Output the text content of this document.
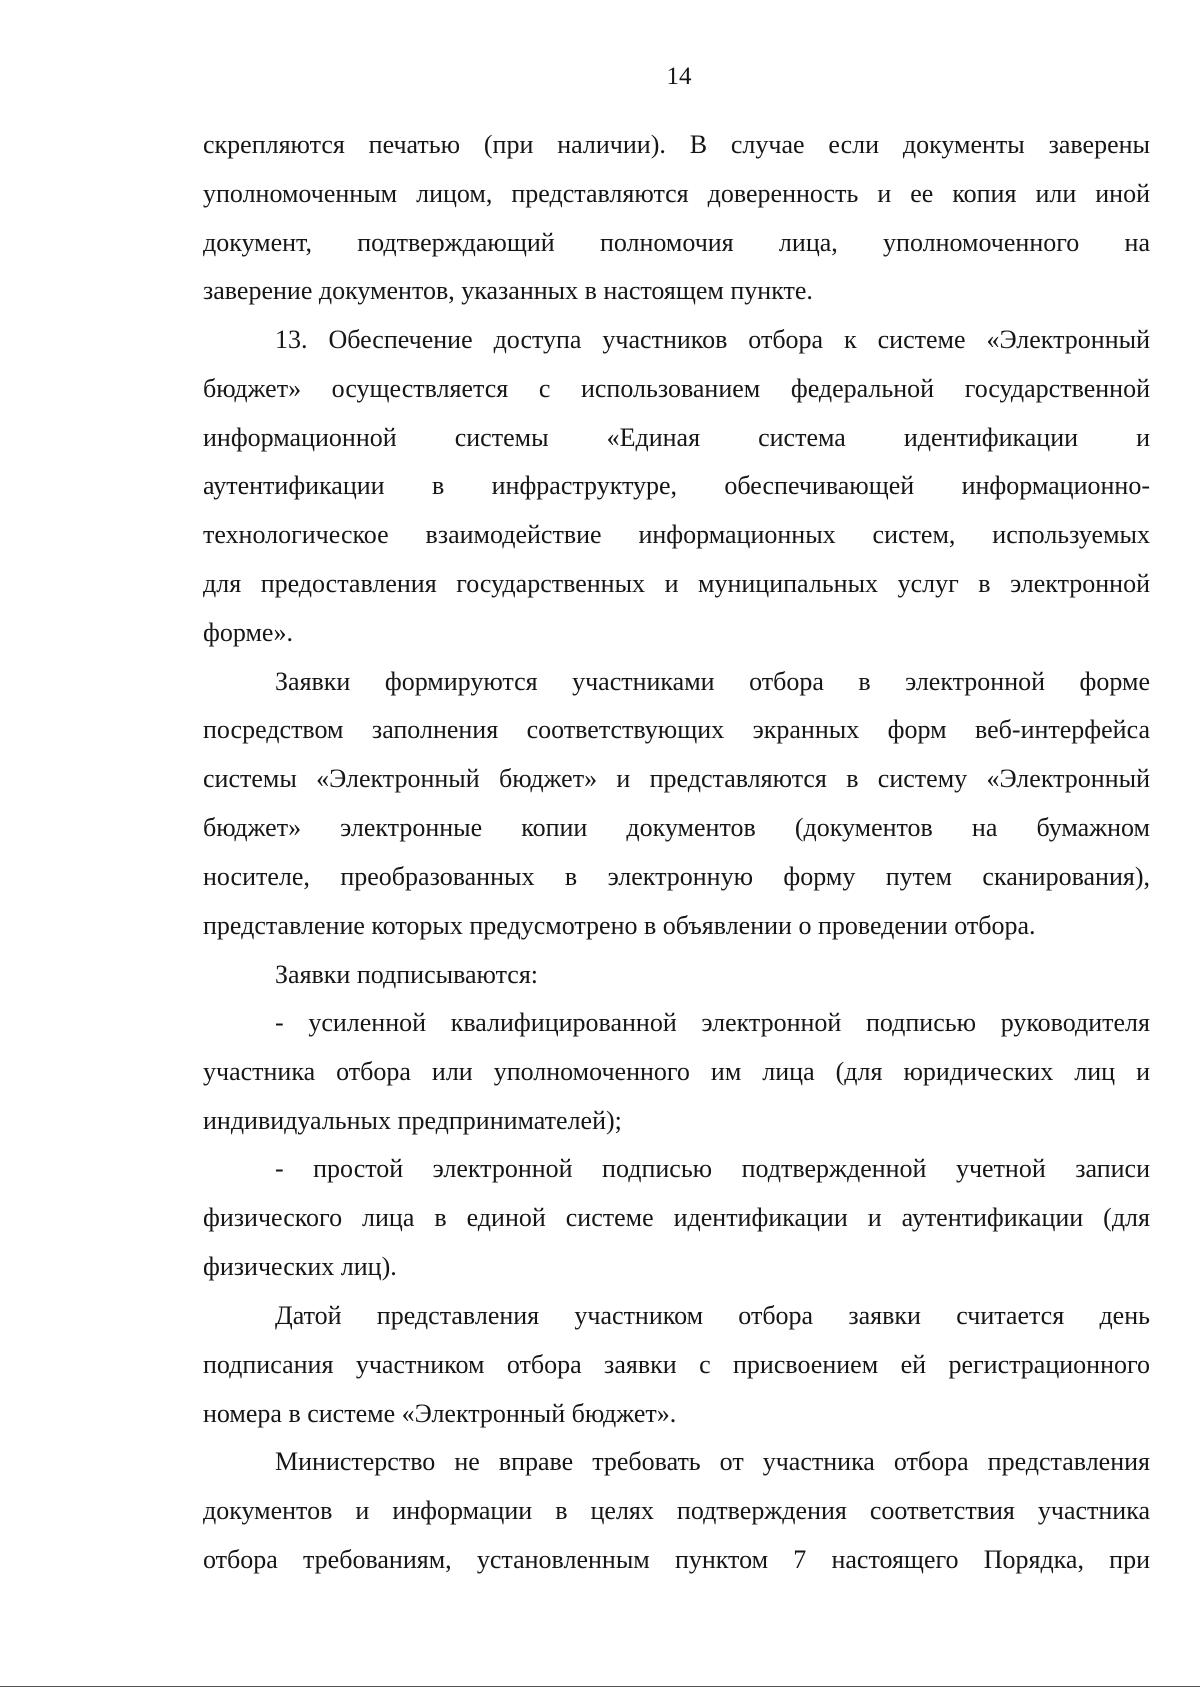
14
скрепляются печатью (при наличии). В случае если документы заверены
уполномоченным лицом, представляются доверенность и ее копия или иной
документ, подтверждающий полномочия лица, уполномоченного на
заверение документов, указанных в настоящем пункте.
13. Обеспечение доступа участников отбора к системе «Электронный
бюджет» осуществляется с использованием федеральной государственной
информационной системы «Единая система идентификации и
аутентификации в инфраструктуре, обеспечивающей информационно-
технологическое взаимодействие информационных систем, используемых
для предоставления государственных и муниципальных услуг в электронной
форме».
Заявки формируются участниками отбора в электронной форме
посредством заполнения соответствующих экранных форм веб-интерфейса
системы «Электронный бюджет» и представляются в систему «Электронный
бюджет» электронные копии документов (документов на бумажном
носителе, преобразованных в электронную форму путем сканирования),
представление которых предусмотрено в объявлении о проведении отбора.
Заявки подписываются:
- усиленной квалифицированной электронной подписью руководителя
участника отбора или уполномоченного им лица (для юридических лиц и
индивидуальных предпринимателей);
- простой электронной подписью подтвержденной учетной записи
физического лица в единой системе идентификации и аутентификации (для
физических лиц).
Датой представления участником отбора заявки считается день
подписания участником отбора заявки с присвоением ей регистрационного
номера в системе «Электронный бюджет».
Министерство не вправе требовать от участника отбора представления
документов и информации в целях подтверждения соответствия участника
отбора требованиям, установленным пунктом 7 настоящего Порядка, при
